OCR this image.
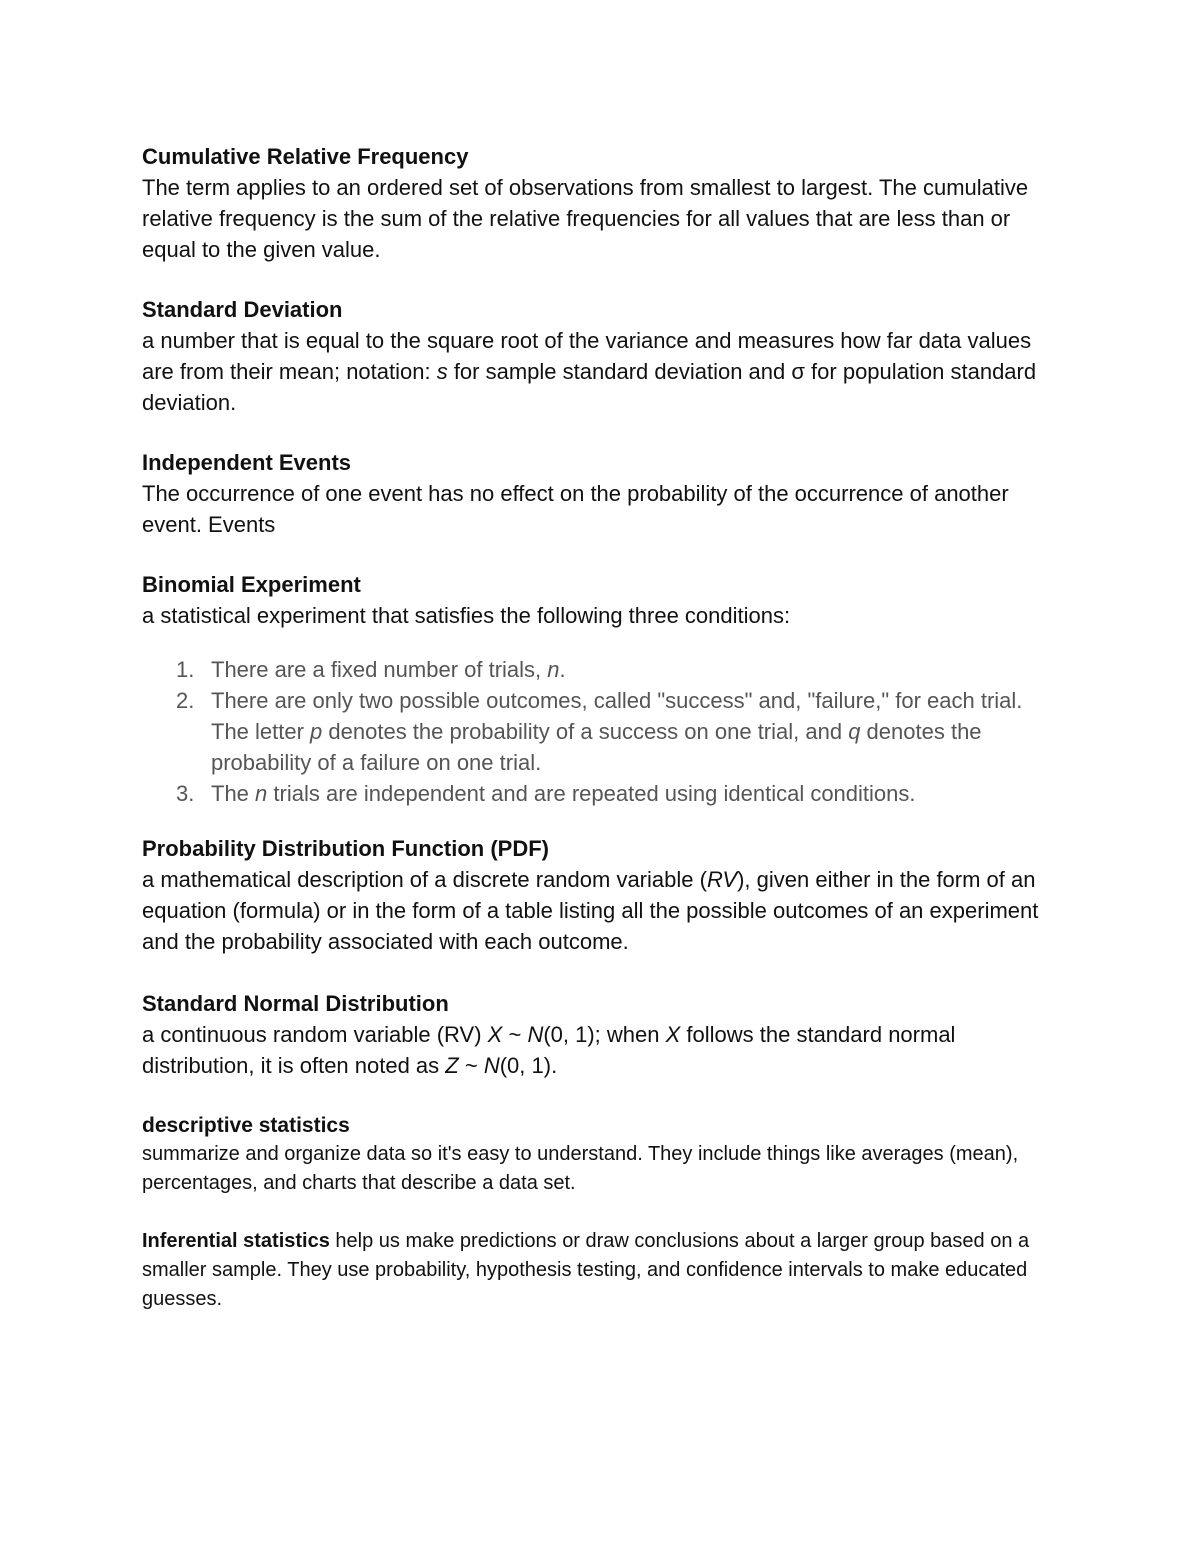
Cumulative Relative Frequency

The term applies to an ordered set of observations from smallest to largest. The cumulative relative frequency is the sum of the relative frequencies for all values that are less than or equal to the given value.

Standard Deviation

a number that is equal to the square root of the variance and measures how far data values are from their mean; notation: s for sample standard deviation and σ for population standard deviation.

Independent Events

The occurrence of one event has no effect on the probability of the occurrence of another event. Events

Binomial Experiment

a statistical experiment that satisfies the following three conditions:

1. There are a fixed number of trials, n.
2. There are only two possible outcomes, called "success" and, "failure," for each trial. The letter p denotes the probability of a success on one trial, and q denotes the probability of a failure on one trial.
3. The n trials are independent and are repeated using identical conditions.

Probability Distribution Function (PDF)

a mathematical description of a discrete random variable (RV), given either in the form of an equation (formula) or in the form of a table listing all the possible outcomes of an experiment and the probability associated with each outcome.

Standard Normal Distribution

a continuous random variable (RV) X ~ N(0, 1); when X follows the standard normal distribution, it is often noted as Z ~ N(0, 1).

descriptive statistics

summarize and organize data so it's easy to understand. They include things like averages (mean), percentages, and charts that describe a data set.

Inferential statistics help us make predictions or draw conclusions about a larger group based on a smaller sample. They use probability, hypothesis testing, and confidence intervals to make educated guesses.
